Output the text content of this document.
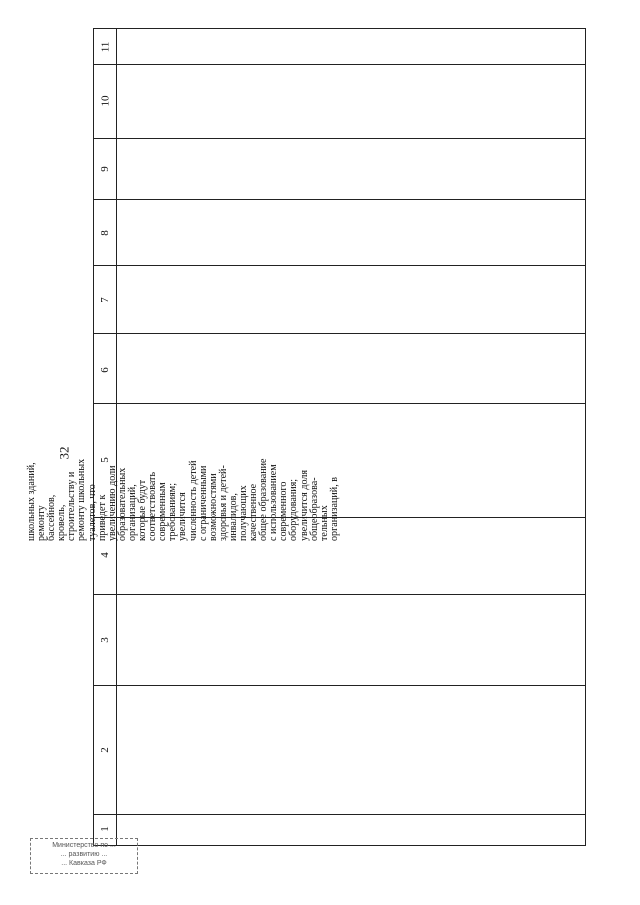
32
11
10
9
8
7
6
5
4
3
2
1
школьных зданий, ремонту бассейнов, кровель, строительству и ремонту школьных туалетов, что приведет к увеличению доли образовательных организаций, которые будут соответствовать современным требованиям; увеличится численность детей с ограниченными возможностями здоровья и детей- инвалидов, получающих качественное общее образование с использованием современного оборудования; увеличится доля общеобразова- тельных организаций, в
Министерство по ...
... развитию ...
... Кавказа РФ
